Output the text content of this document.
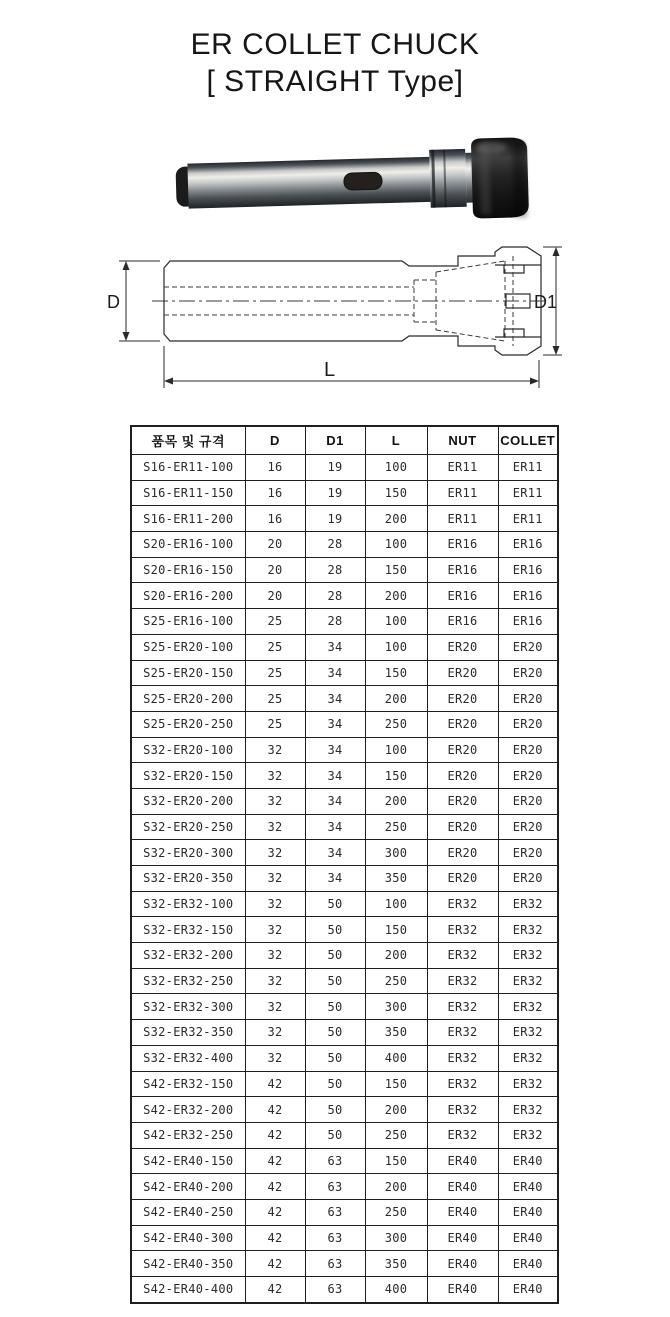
ER COLLET CHUCK
[ STRAIGHT Type]
D	D1
L
품목 및 규격	D	D1	L	NUT	COLLET
S16-ER11-100	16	19	100	ER11	ER11
S16-ER11-150	16	19	150	ER11	ER11
S16-ER11-200	16	19	200	ER11	ER11
S20-ER16-100	20	28	100	ER16	ER16
S20-ER16-150	20	28	150	ER16	ER16
S20-ER16-200	20	28	200	ER16	ER16
S25-ER16-100	25	28	100	ER16	ER16
S25-ER20-100	25	34	100	ER20	ER20
S25-ER20-150	25	34	150	ER20	ER20
S25-ER20-200	25	34	200	ER20	ER20
S25-ER20-250	25	34	250	ER20	ER20
S32-ER20-100	32	34	100	ER20	ER20
S32-ER20-150	32	34	150	ER20	ER20
S32-ER20-200	32	34	200	ER20	ER20
S32-ER20-250	32	34	250	ER20	ER20
S32-ER20-300	32	34	300	ER20	ER20
S32-ER20-350	32	34	350	ER20	ER20
S32-ER32-100	32	50	100	ER32	ER32
S32-ER32-150	32	50	150	ER32	ER32
S32-ER32-200	32	50	200	ER32	ER32
S32-ER32-250	32	50	250	ER32	ER32
S32-ER32-300	32	50	300	ER32	ER32
S32-ER32-350	32	50	350	ER32	ER32
S32-ER32-400	32	50	400	ER32	ER32
S42-ER32-150	42	50	150	ER32	ER32
S42-ER32-200	42	50	200	ER32	ER32
S42-ER32-250	42	50	250	ER32	ER32
S42-ER40-150	42	63	150	ER40	ER40
S42-ER40-200	42	63	200	ER40	ER40
S42-ER40-250	42	63	250	ER40	ER40
S42-ER40-300	42	63	300	ER40	ER40
S42-ER40-350	42	63	350	ER40	ER40
S42-ER40-400	42	63	400	ER40	ER40
